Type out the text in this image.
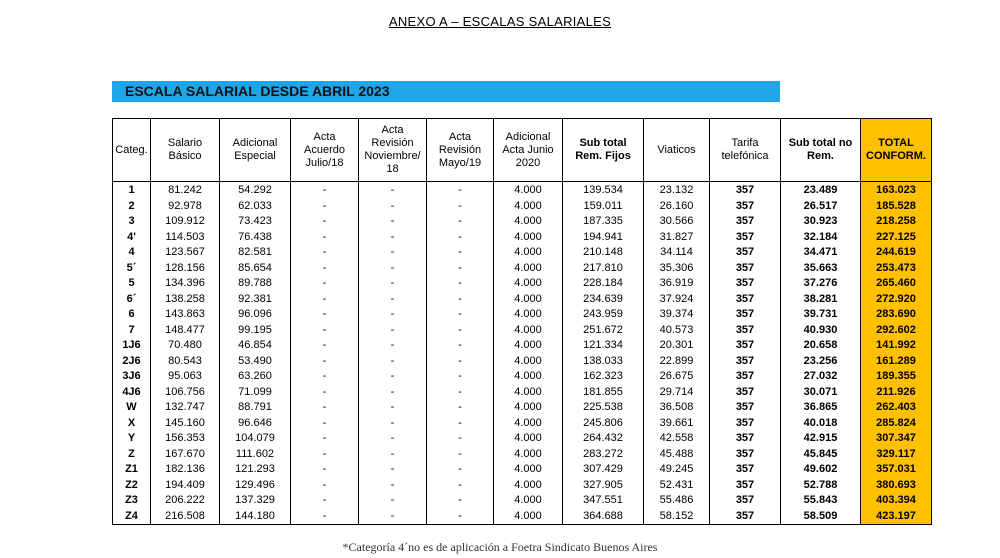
ANEXO A – ESCALAS SALARIALES
ESCALA SALARIAL DESDE ABRIL 2023
Categ.	Salario Básico	Adicional Especial	Acta Acuerdo Julio/18	Acta Revisión Noviembre/ 18	Acta Revisión Mayo/19	Adicional Acta Junio 2020	Sub total Rem. Fijos	Viaticos	Tarifa telefónica	Sub total no Rem.	TOTAL CONFORM.
1	81.242	54.292	-	-	-	4.000	139.534	23.132	357	23.489	163.023
2	92.978	62.033	-	-	-	4.000	159.011	26.160	357	26.517	185.528
3	109.912	73.423	-	-	-	4.000	187.335	30.566	357	30.923	218.258
4'	114.503	76.438	-	-	-	4.000	194.941	31.827	357	32.184	227.125
4	123.567	82.581	-	-	-	4.000	210.148	34.114	357	34.471	244.619
5´	128.156	85.654	-	-	-	4.000	217.810	35.306	357	35.663	253.473
5	134.396	89.788	-	-	-	4.000	228.184	36.919	357	37.276	265.460
6´	138.258	92.381	-	-	-	4.000	234.639	37.924	357	38.281	272.920
6	143.863	96.096	-	-	-	4.000	243.959	39.374	357	39.731	283.690
7	148.477	99.195	-	-	-	4.000	251.672	40.573	357	40.930	292.602
1J6	70.480	46.854	-	-	-	4.000	121.334	20.301	357	20.658	141.992
2J6	80.543	53.490	-	-	-	4.000	138.033	22.899	357	23.256	161.289
3J6	95.063	63.260	-	-	-	4.000	162.323	26.675	357	27.032	189.355
4J6	106.756	71.099	-	-	-	4.000	181.855	29.714	357	30.071	211.926
W	132.747	88.791	-	-	-	4.000	225.538	36.508	357	36.865	262.403
X	145.160	96.646	-	-	-	4.000	245.806	39.661	357	40.018	285.824
Y	156.353	104.079	-	-	-	4.000	264.432	42.558	357	42.915	307.347
Z	167.670	111.602	-	-	-	4.000	283.272	45.488	357	45.845	329.117
Z1	182.136	121.293	-	-	-	4.000	307.429	49.245	357	49.602	357.031
Z2	194.409	129.496	-	-	-	4.000	327.905	52.431	357	52.788	380.693
Z3	206.222	137.329	-	-	-	4.000	347.551	55.486	357	55.843	403.394
Z4	216.508	144.180	-	-	-	4.000	364.688	58.152	357	58.509	423.197
*Categoría 4´no es de aplicación a Foetra Sindicato Buenos Aires
